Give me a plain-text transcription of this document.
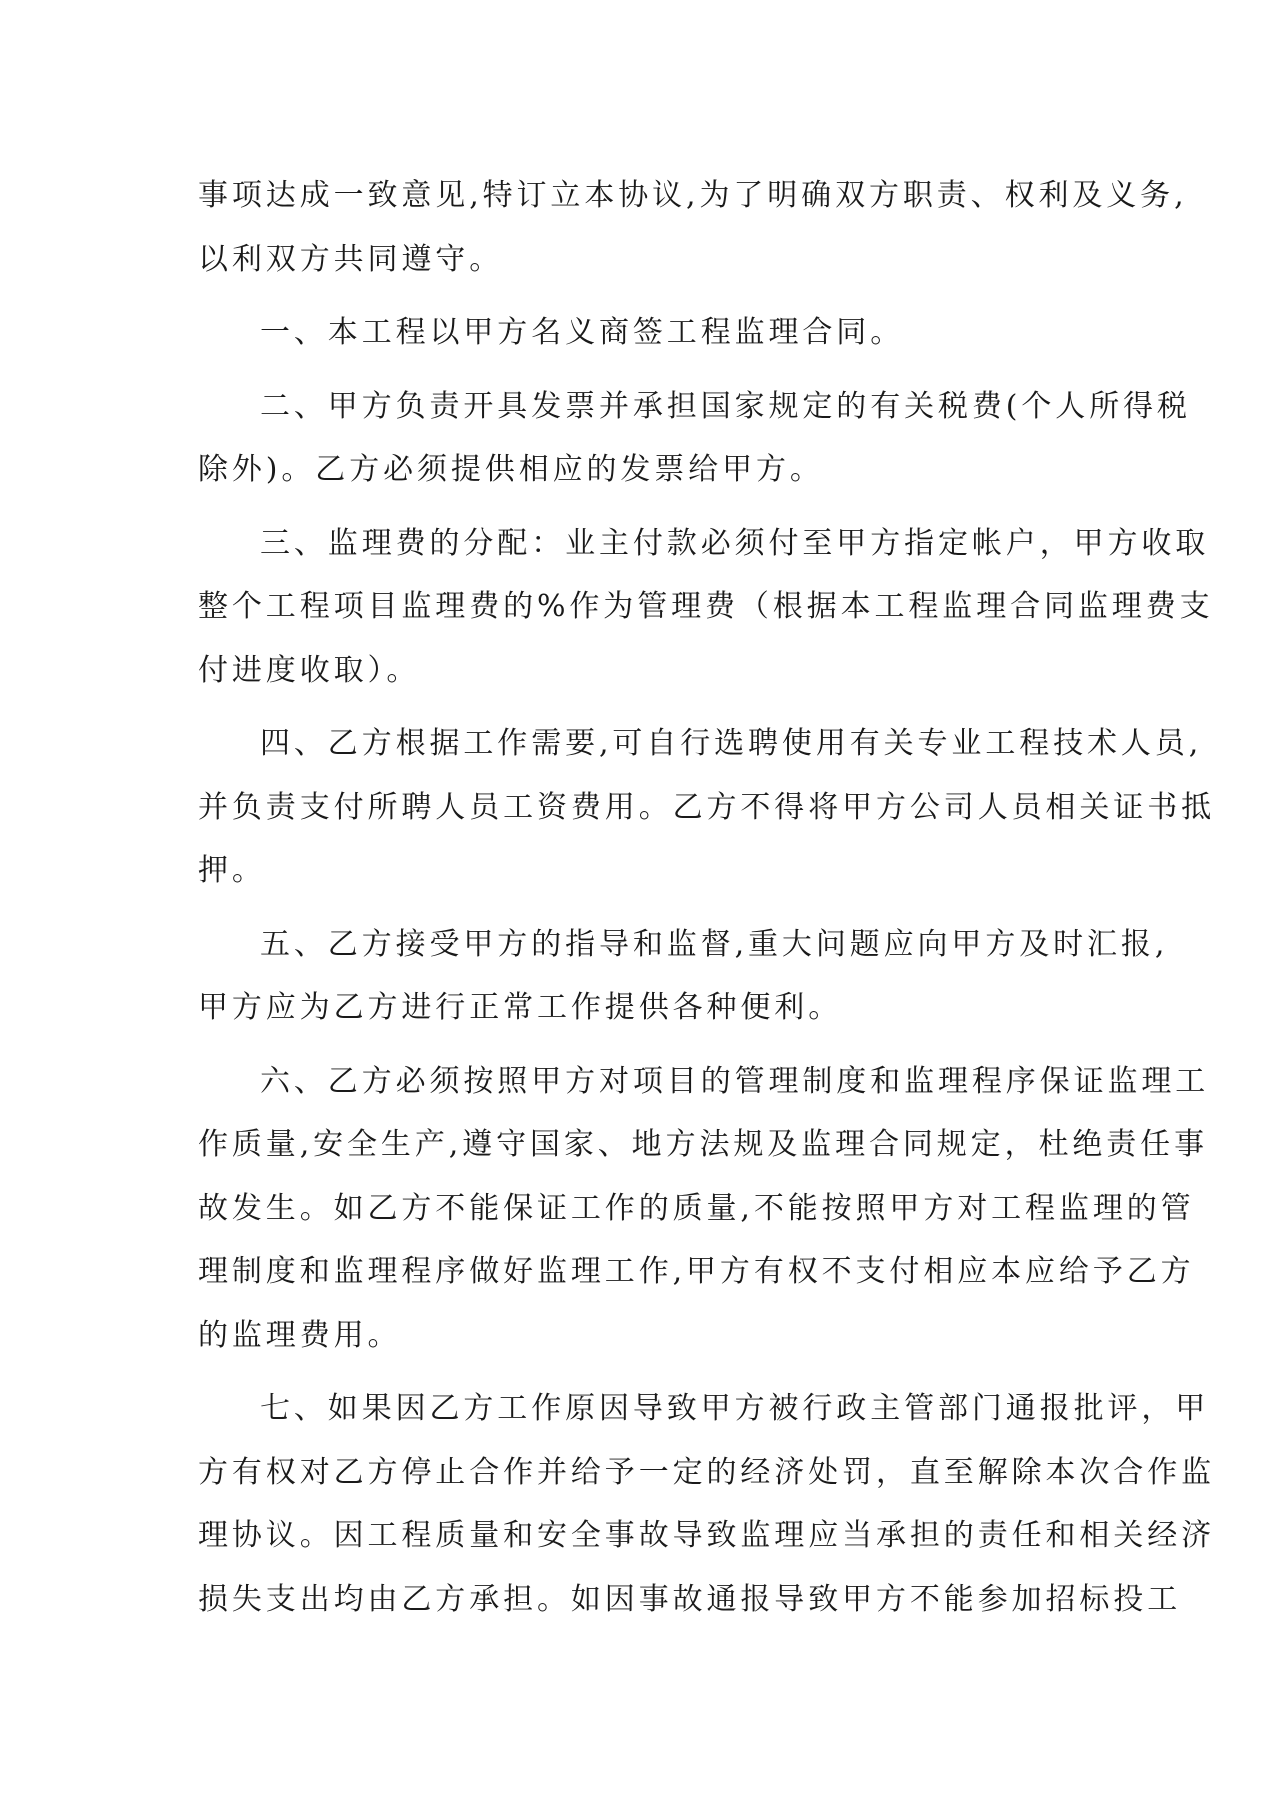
事项达成一致意见,特订立本协议,为了明确双方职责、权利及义务,
以利双方共同遵守。
一、本工程以甲方名义商签工程监理合同。
二、甲方负责开具发票并承担国家规定的有关税费(个人所得税
除外)。乙方必须提供相应的发票给甲方。
三、监理费的分配：业主付款必须付至甲方指定帐户，甲方收取
整个工程项目监理费的%作为管理费（根据本工程监理合同监理费支
付进度收取）。
四、乙方根据工作需要,可自行选聘使用有关专业工程技术人员,
并负责支付所聘人员工资费用。乙方不得将甲方公司人员相关证书抵
押。
五、乙方接受甲方的指导和监督,重大问题应向甲方及时汇报,
甲方应为乙方进行正常工作提供各种便利。
六、乙方必须按照甲方对项目的管理制度和监理程序保证监理工
作质量,安全生产,遵守国家、地方法规及监理合同规定，杜绝责任事
故发生。如乙方不能保证工作的质量,不能按照甲方对工程监理的管
理制度和监理程序做好监理工作,甲方有权不支付相应本应给予乙方
的监理费用。
七、如果因乙方工作原因导致甲方被行政主管部门通报批评，甲
方有权对乙方停止合作并给予一定的经济处罚，直至解除本次合作监
理协议。因工程质量和安全事故导致监理应当承担的责任和相关经济
损失支出均由乙方承担。如因事故通报导致甲方不能参加招标投工
